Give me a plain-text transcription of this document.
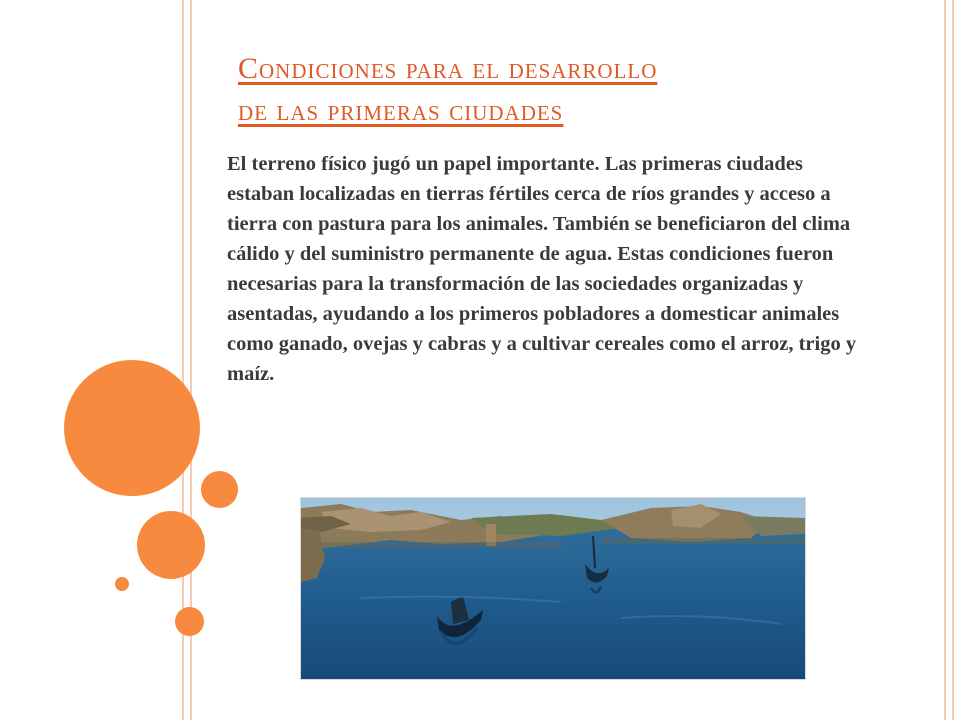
Condiciones para el desarrollo
de las primeras ciudades

El terreno físico jugó un papel importante. Las primeras ciudades estaban localizadas en tierras fértiles cerca de ríos grandes y acceso a tierra con pastura para los animales. También se beneficiaron del clima cálido y del suministro permanente de agua. Estas condiciones fueron necesarias para la transformación de las sociedades organizadas y asentadas, ayudando a los primeros pobladores a domesticar animales como ganado, ovejas y cabras y a cultivar cereales como el arroz, trigo y maíz.
